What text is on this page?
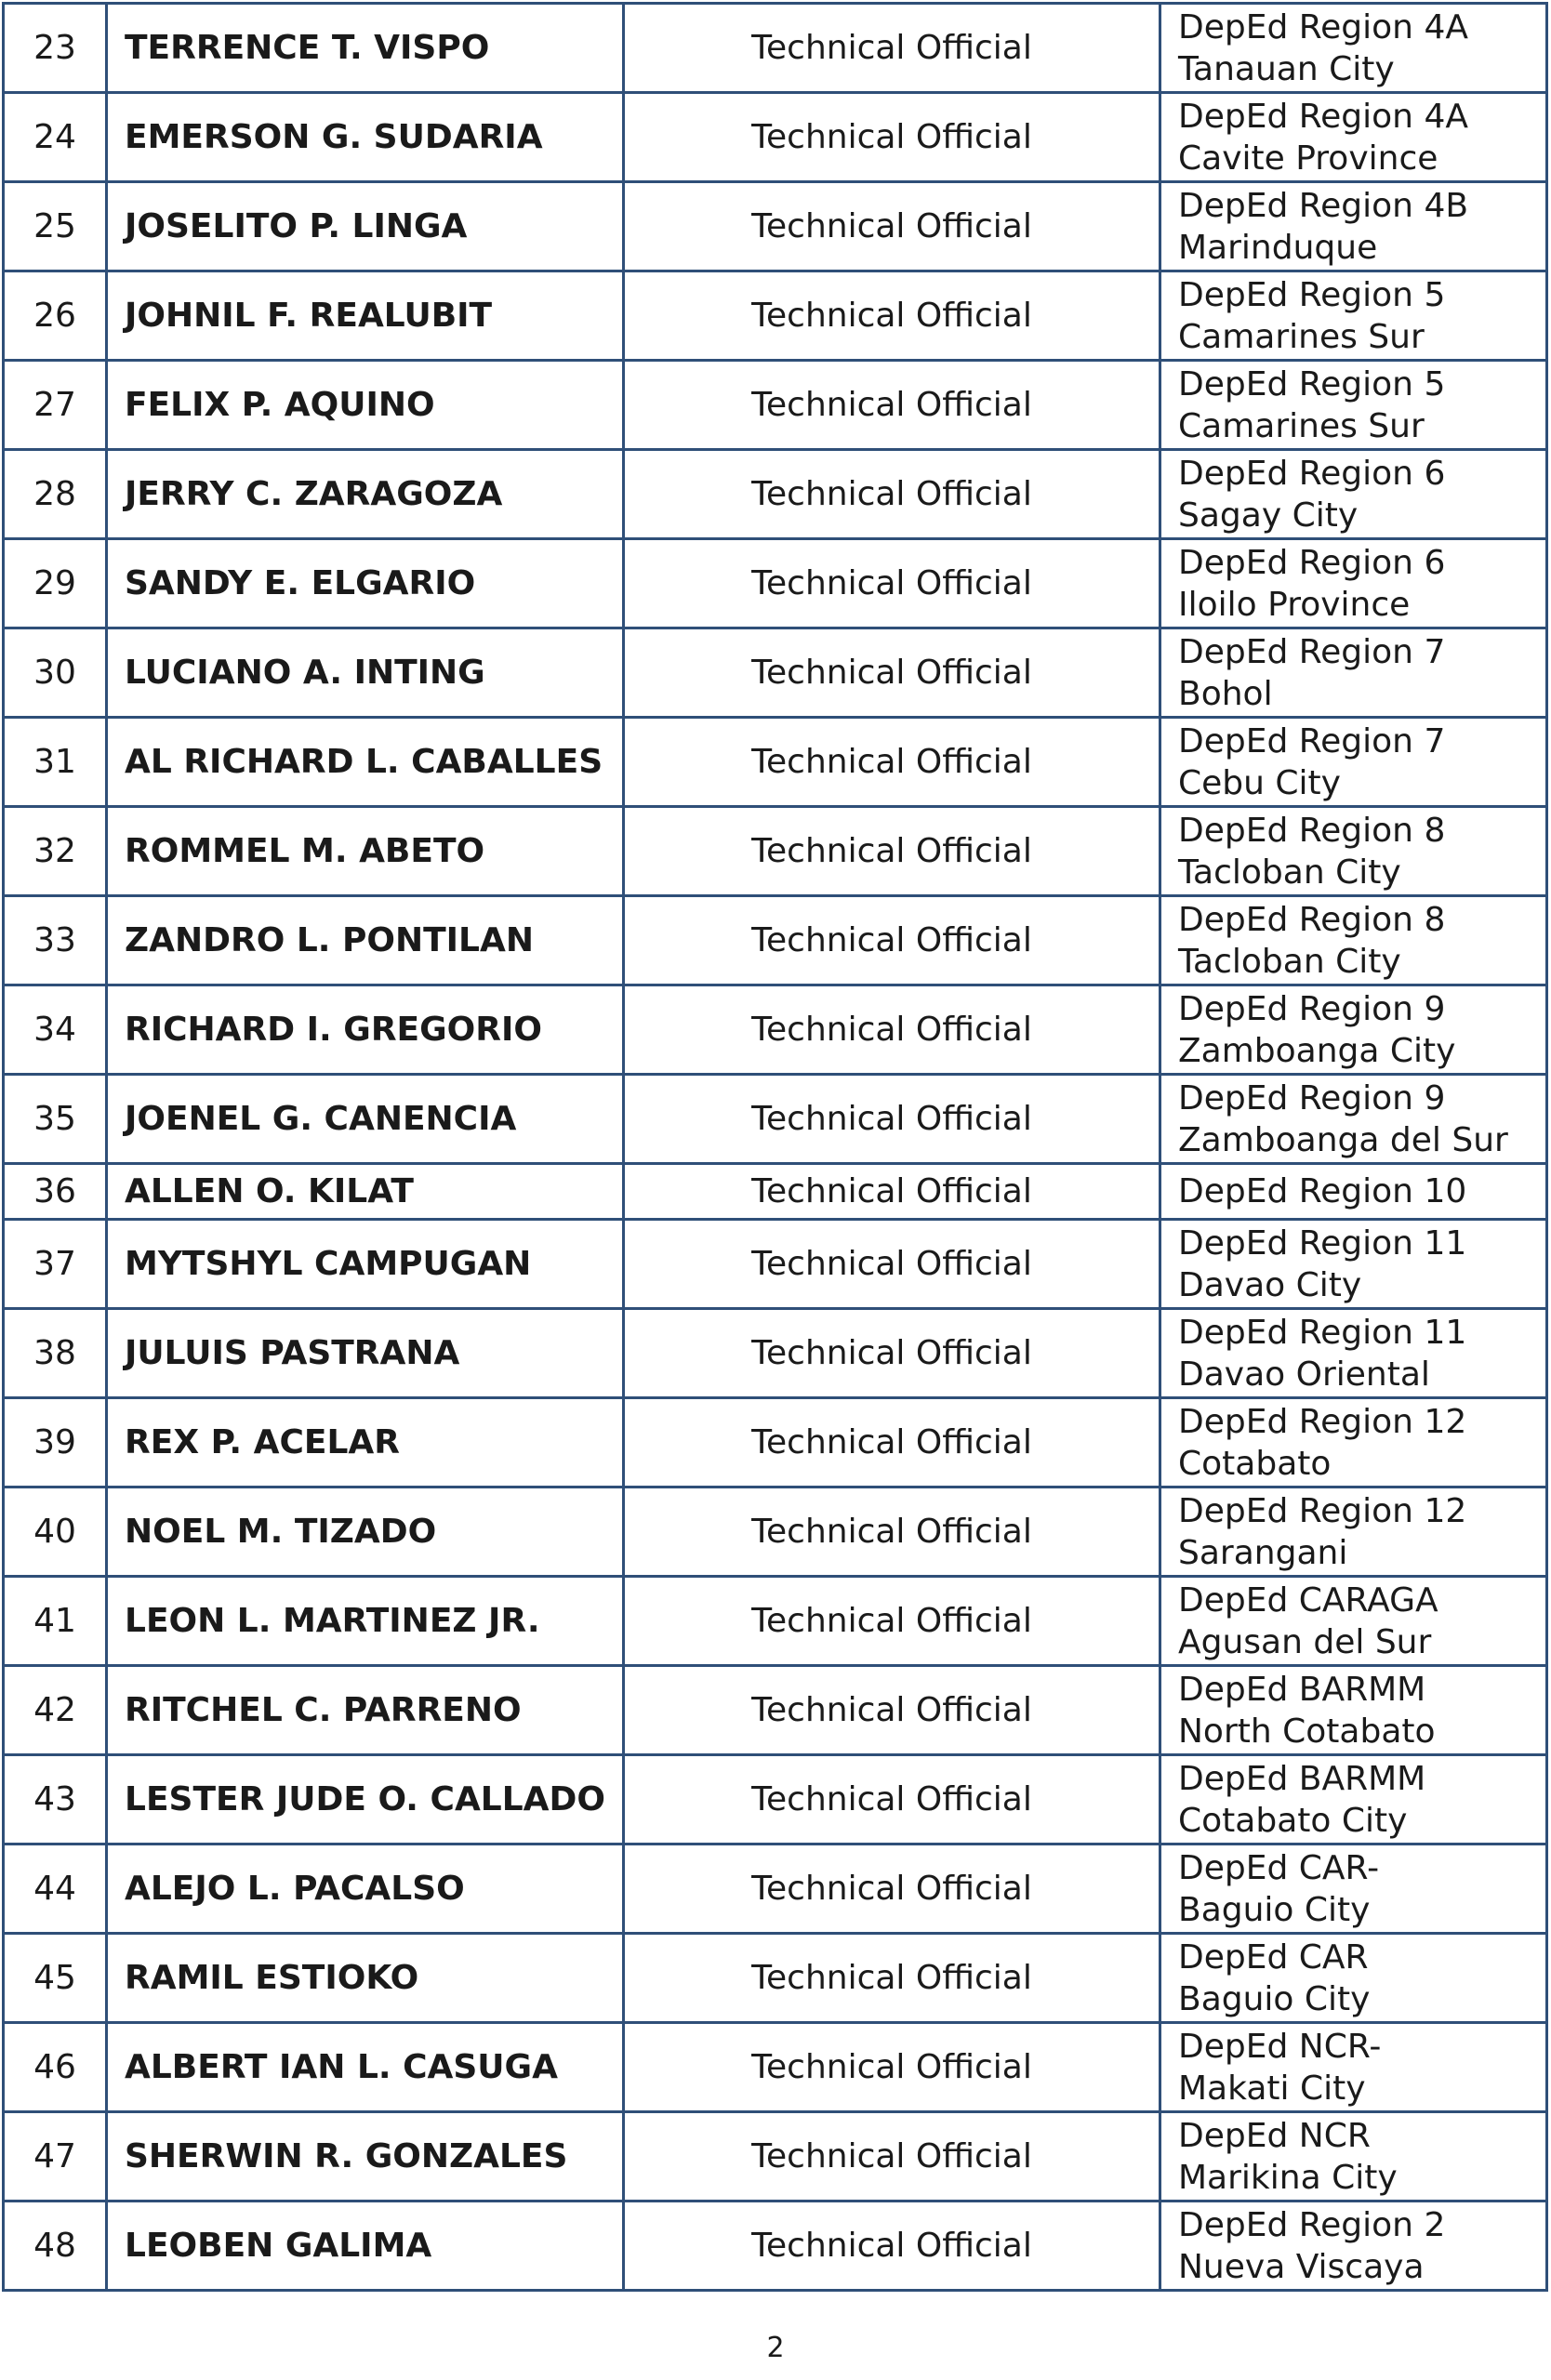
23	TERRENCE T. VISPO	Technical Official	DepEd Region 4A
Tanauan City

24	EMERSON G. SUDARIA	Technical Official	DepEd Region 4A
Cavite Province

25	JOSELITO P. LINGA	Technical Official	DepEd Region 4B
Marinduque

26	JOHNIL F. REALUBIT	Technical Official	DepEd Region 5
Camarines Sur

27	FELIX P. AQUINO	Technical Official	DepEd Region 5
Camarines Sur

28	JERRY C. ZARAGOZA	Technical Official	DepEd Region 6
Sagay City

29	SANDY E. ELGARIO	Technical Official	DepEd Region 6
Iloilo Province

30	LUCIANO A. INTING	Technical Official	DepEd Region 7
Bohol

31	AL RICHARD L. CABALLES	Technical Official	DepEd Region 7
Cebu City

32	ROMMEL M. ABETO	Technical Official	DepEd Region 8
Tacloban City

33	ZANDRO L. PONTILAN	Technical Official	DepEd Region 8
Tacloban City

34	RICHARD I. GREGORIO	Technical Official	DepEd Region 9
Zamboanga City

35	JOENEL G. CANENCIA	Technical Official	DepEd Region 9
Zamboanga del Sur

36	ALLEN O. KILAT	Technical Official	DepEd Region 10

37	MYTSHYL CAMPUGAN	Technical Official	DepEd Region 11
Davao City

38	JULUIS PASTRANA	Technical Official	DepEd Region 11
Davao Oriental

39	REX P. ACELAR	Technical Official	DepEd Region 12
Cotabato

40	NOEL M. TIZADO	Technical Official	DepEd Region 12
Sarangani

41	LEON L. MARTINEZ JR.	Technical Official	DepEd CARAGA
Agusan del Sur

42	RITCHEL C. PARRENO	Technical Official	DepEd BARMM
North Cotabato

43	LESTER JUDE O. CALLADO	Technical Official	DepEd BARMM
Cotabato City

44	ALEJO L. PACALSO	Technical Official	DepEd CAR-
Baguio City

45	RAMIL ESTIOKO	Technical Official	DepEd CAR
Baguio City

46	ALBERT IAN L. CASUGA	Technical Official	DepEd NCR-
Makati City

47	SHERWIN R. GONZALES	Technical Official	DepEd NCR
Marikina City

48	LEOBEN GALIMA	Technical Official	DepEd Region 2
Nueva Viscaya
2
